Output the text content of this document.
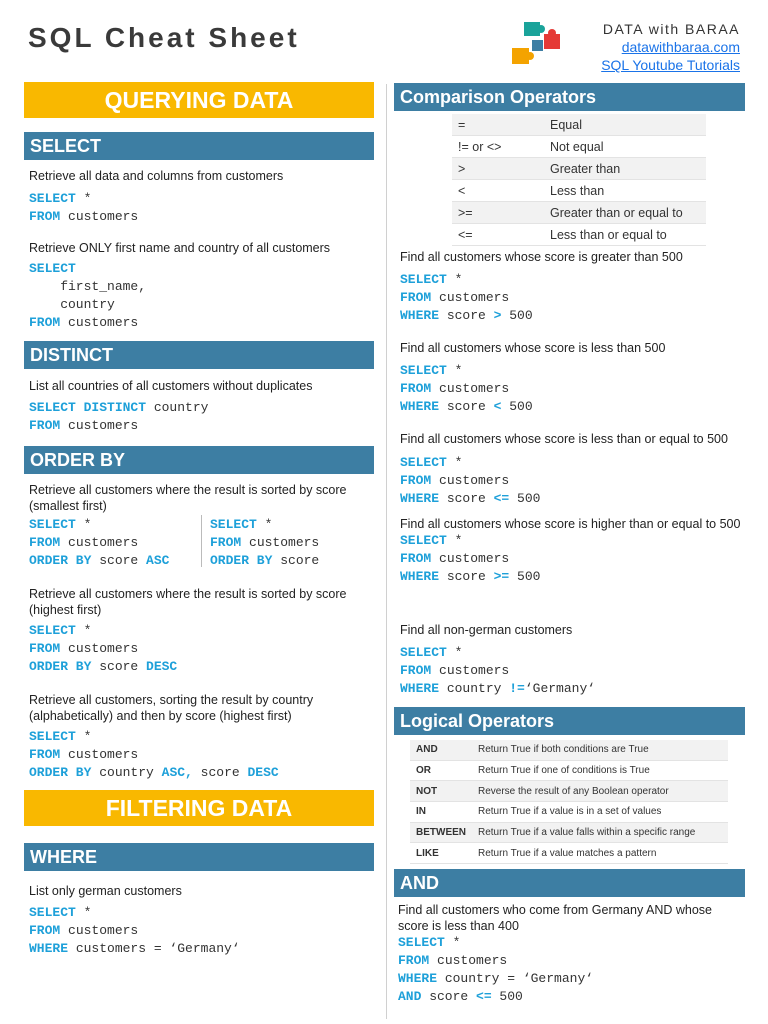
SQL Cheat Sheet	DATA with BARAA
datawithbaraa.com
SQL Youtube Tutorials
QUERYING DATA
SELECT

Retrieve all data and columns from customers

SELECT *

FROM customers

Retrieve ONLY first name and country of all customers

SELECT

first_name,

country

FROM customers

DISTINCT

List all countries of all customers without duplicates

SELECT DISTINCT country

FROM customers

ORDER BY

Retrieve all customers where the result is sorted by score (smallest first)

SELECT *

FROM customers

ORDER BY score ASC

SELECT *

FROM customers

ORDER BY score

Retrieve all customers where the result is sorted by score (highest first)

SELECT *

FROM customers

ORDER BY score DESC

Retrieve all customers, sorting the result by country (alphabetically) and then by score (highest first)

SELECT *

FROM customers

ORDER BY country ASC, score DESC

FILTERING DATA
WHERE

List only german customers

SELECT *

FROM customers

WHERE customers = ‘Germany‘

Comparison Operators
=	Equal
!= or <>	Not equal
>	Greater than
<	Less than
>=	Greater than or equal to
<=	Less than or equal to

Find all customers whose score is greater than 500

SELECT *

FROM customers

WHERE score > 500

Find all customers whose score is less than 500

SELECT *

FROM customers

WHERE score < 500

Find all customers whose score is less than or equal to 500

SELECT *

FROM customers

WHERE score <= 500

Find all customers whose score is higher than or equal to 500

SELECT *

FROM customers

WHERE score >= 500

Find all non-german customers

SELECT *

FROM customers

WHERE country !=‘Germany‘

Logical Operators
AND	Return True if both conditions are True
OR	Return True if one of conditions is True
NOT	Reverse the result of any Boolean operator
IN	Return True if a value is in a set of values
BETWEEN	Return True if a value falls within a specific range
LIKE	Return True if a value matches a pattern
AND

Find all customers who come from Germany AND whose score is less than 400

SELECT *

FROM customers

WHERE country = ‘Germany‘

AND score <= 500
